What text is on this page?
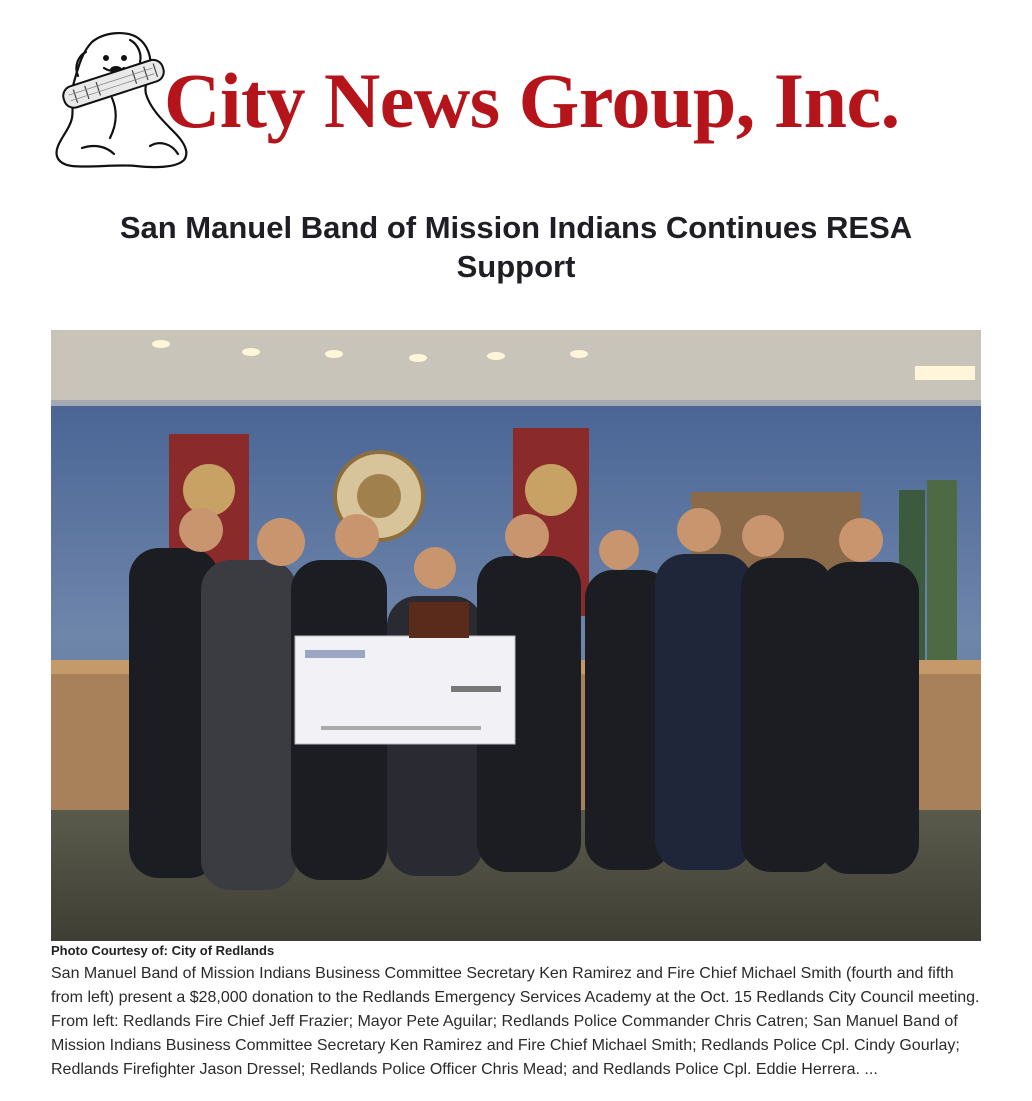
City News Group, Inc.
San Manuel Band of Mission Indians Continues RESA Support
Photo Courtesy of: City of Redlands

San Manuel Band of Mission Indians Business Committee Secretary Ken Ramirez and Fire Chief Michael Smith (fourth and fifth from left) present a $28,000 donation to the Redlands Emergency Services Academy at the Oct. 15 Redlands City Council meeting. From left: Redlands Fire Chief Jeff Frazier; Mayor Pete Aguilar; Redlands Police Commander Chris Catren; San Manuel Band of Mission Indians Business Committee Secretary Ken Ramirez and Fire Chief Michael Smith; Redlands Police Cpl. Cindy Gourlay; Redlands Firefighter Jason Dressel; Redlands Police Officer Chris Mead; and Redlands Police Cpl. Eddie Herrera. ...
